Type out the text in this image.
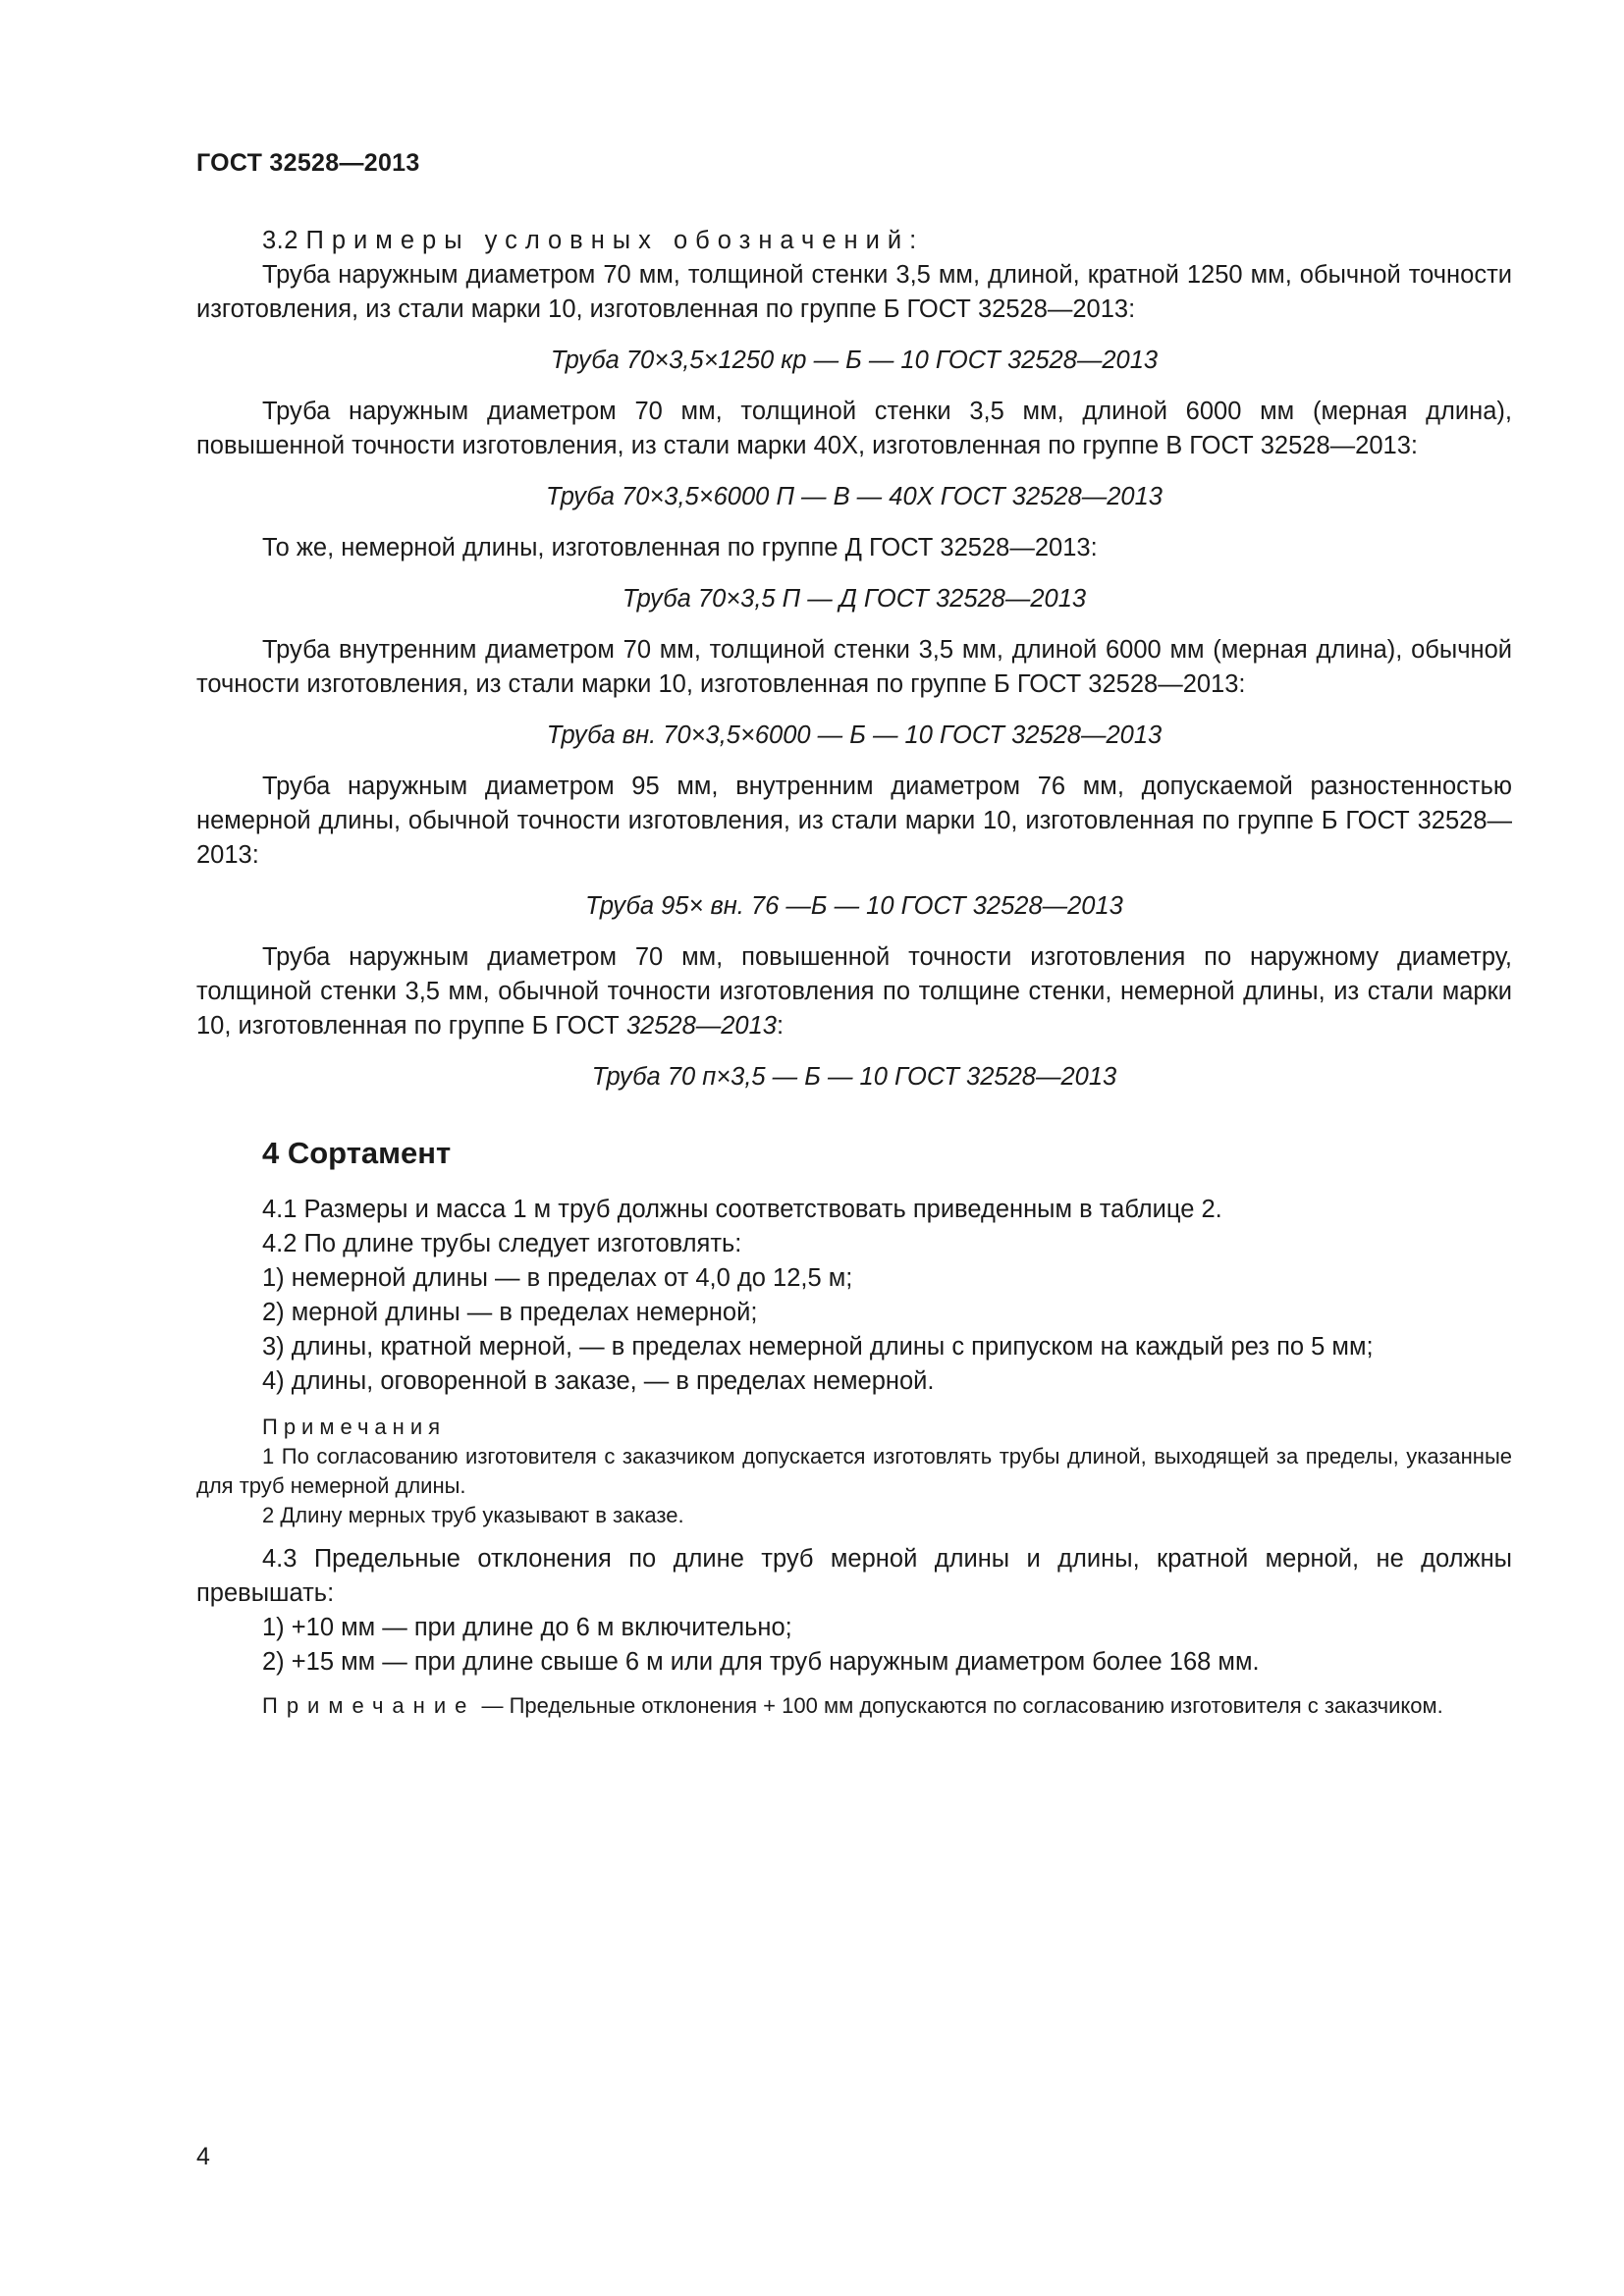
ГОСТ 32528—2013

3.2 Примеры условных обозначений:

Труба наружным диаметром 70 мм, толщиной стенки 3,5 мм, длиной, кратной 1250 мм, обычной точности изготовления, из стали марки 10, изготовленная по группе Б ГОСТ 32528—2013:

Труба 70×3,5×1250 кр — Б — 10 ГОСТ 32528—2013

Труба наружным диаметром 70 мм, толщиной стенки 3,5 мм, длиной 6000 мм (мерная длина), повышенной точности изготовления, из стали марки 40Х, изготовленная по группе В ГОСТ 32528—2013:

Труба 70×3,5×6000 П — В — 40Х ГОСТ 32528—2013

То же, немерной длины, изготовленная по группе Д ГОСТ 32528—2013:

Труба 70×3,5 П — Д ГОСТ 32528—2013

Труба внутренним диаметром 70 мм, толщиной стенки 3,5 мм, длиной 6000 мм (мерная длина), обычной точности изготовления, из стали марки 10, изготовленная по группе Б ГОСТ 32528—2013:

Труба вн. 70×3,5×6000 — Б — 10 ГОСТ 32528—2013

Труба наружным диаметром 95 мм, внутренним диаметром 76 мм, допускаемой разностенностью немерной длины, обычной точности изготовления, из стали марки 10, изготовленная по группе Б ГОСТ 32528—2013:

Труба 95× вн. 76 —Б — 10 ГОСТ 32528—2013

Труба наружным диаметром 70 мм, повышенной точности изготовления по наружному диаметру, толщиной стенки 3,5 мм, обычной точности изготовления по толщине стенки, немерной длины, из стали марки 10, изготовленная по группе Б ГОСТ 32528—2013:

Труба 70 п×3,5 — Б — 10 ГОСТ 32528—2013

4 Сортамент

4.1 Размеры и масса 1 м труб должны соответствовать приведенным в таблице 2.

4.2 По длине трубы следует изготовлять:

1) немерной длины — в пределах от 4,0 до 12,5 м;

2) мерной длины — в пределах немерной;

3) длины, кратной мерной, — в пределах немерной длины с припуском на каждый рез по 5 мм;

4) длины, оговоренной в заказе, — в пределах немерной.

Примечания

1 По согласованию изготовителя с заказчиком допускается изготовлять трубы длиной, выходящей за пределы, указанные для труб немерной длины.

2 Длину мерных труб указывают в заказе.

4.3 Предельные отклонения по длине труб мерной длины и длины, кратной мерной, не должны превышать:

1) +10 мм — при длине до 6 м включительно;

2) +15 мм — при длине свыше 6 м или для труб наружным диаметром более 168 мм.

Примечание — Предельные отклонения + 100 мм допускаются по согласованию изготовителя с заказчиком.

4
